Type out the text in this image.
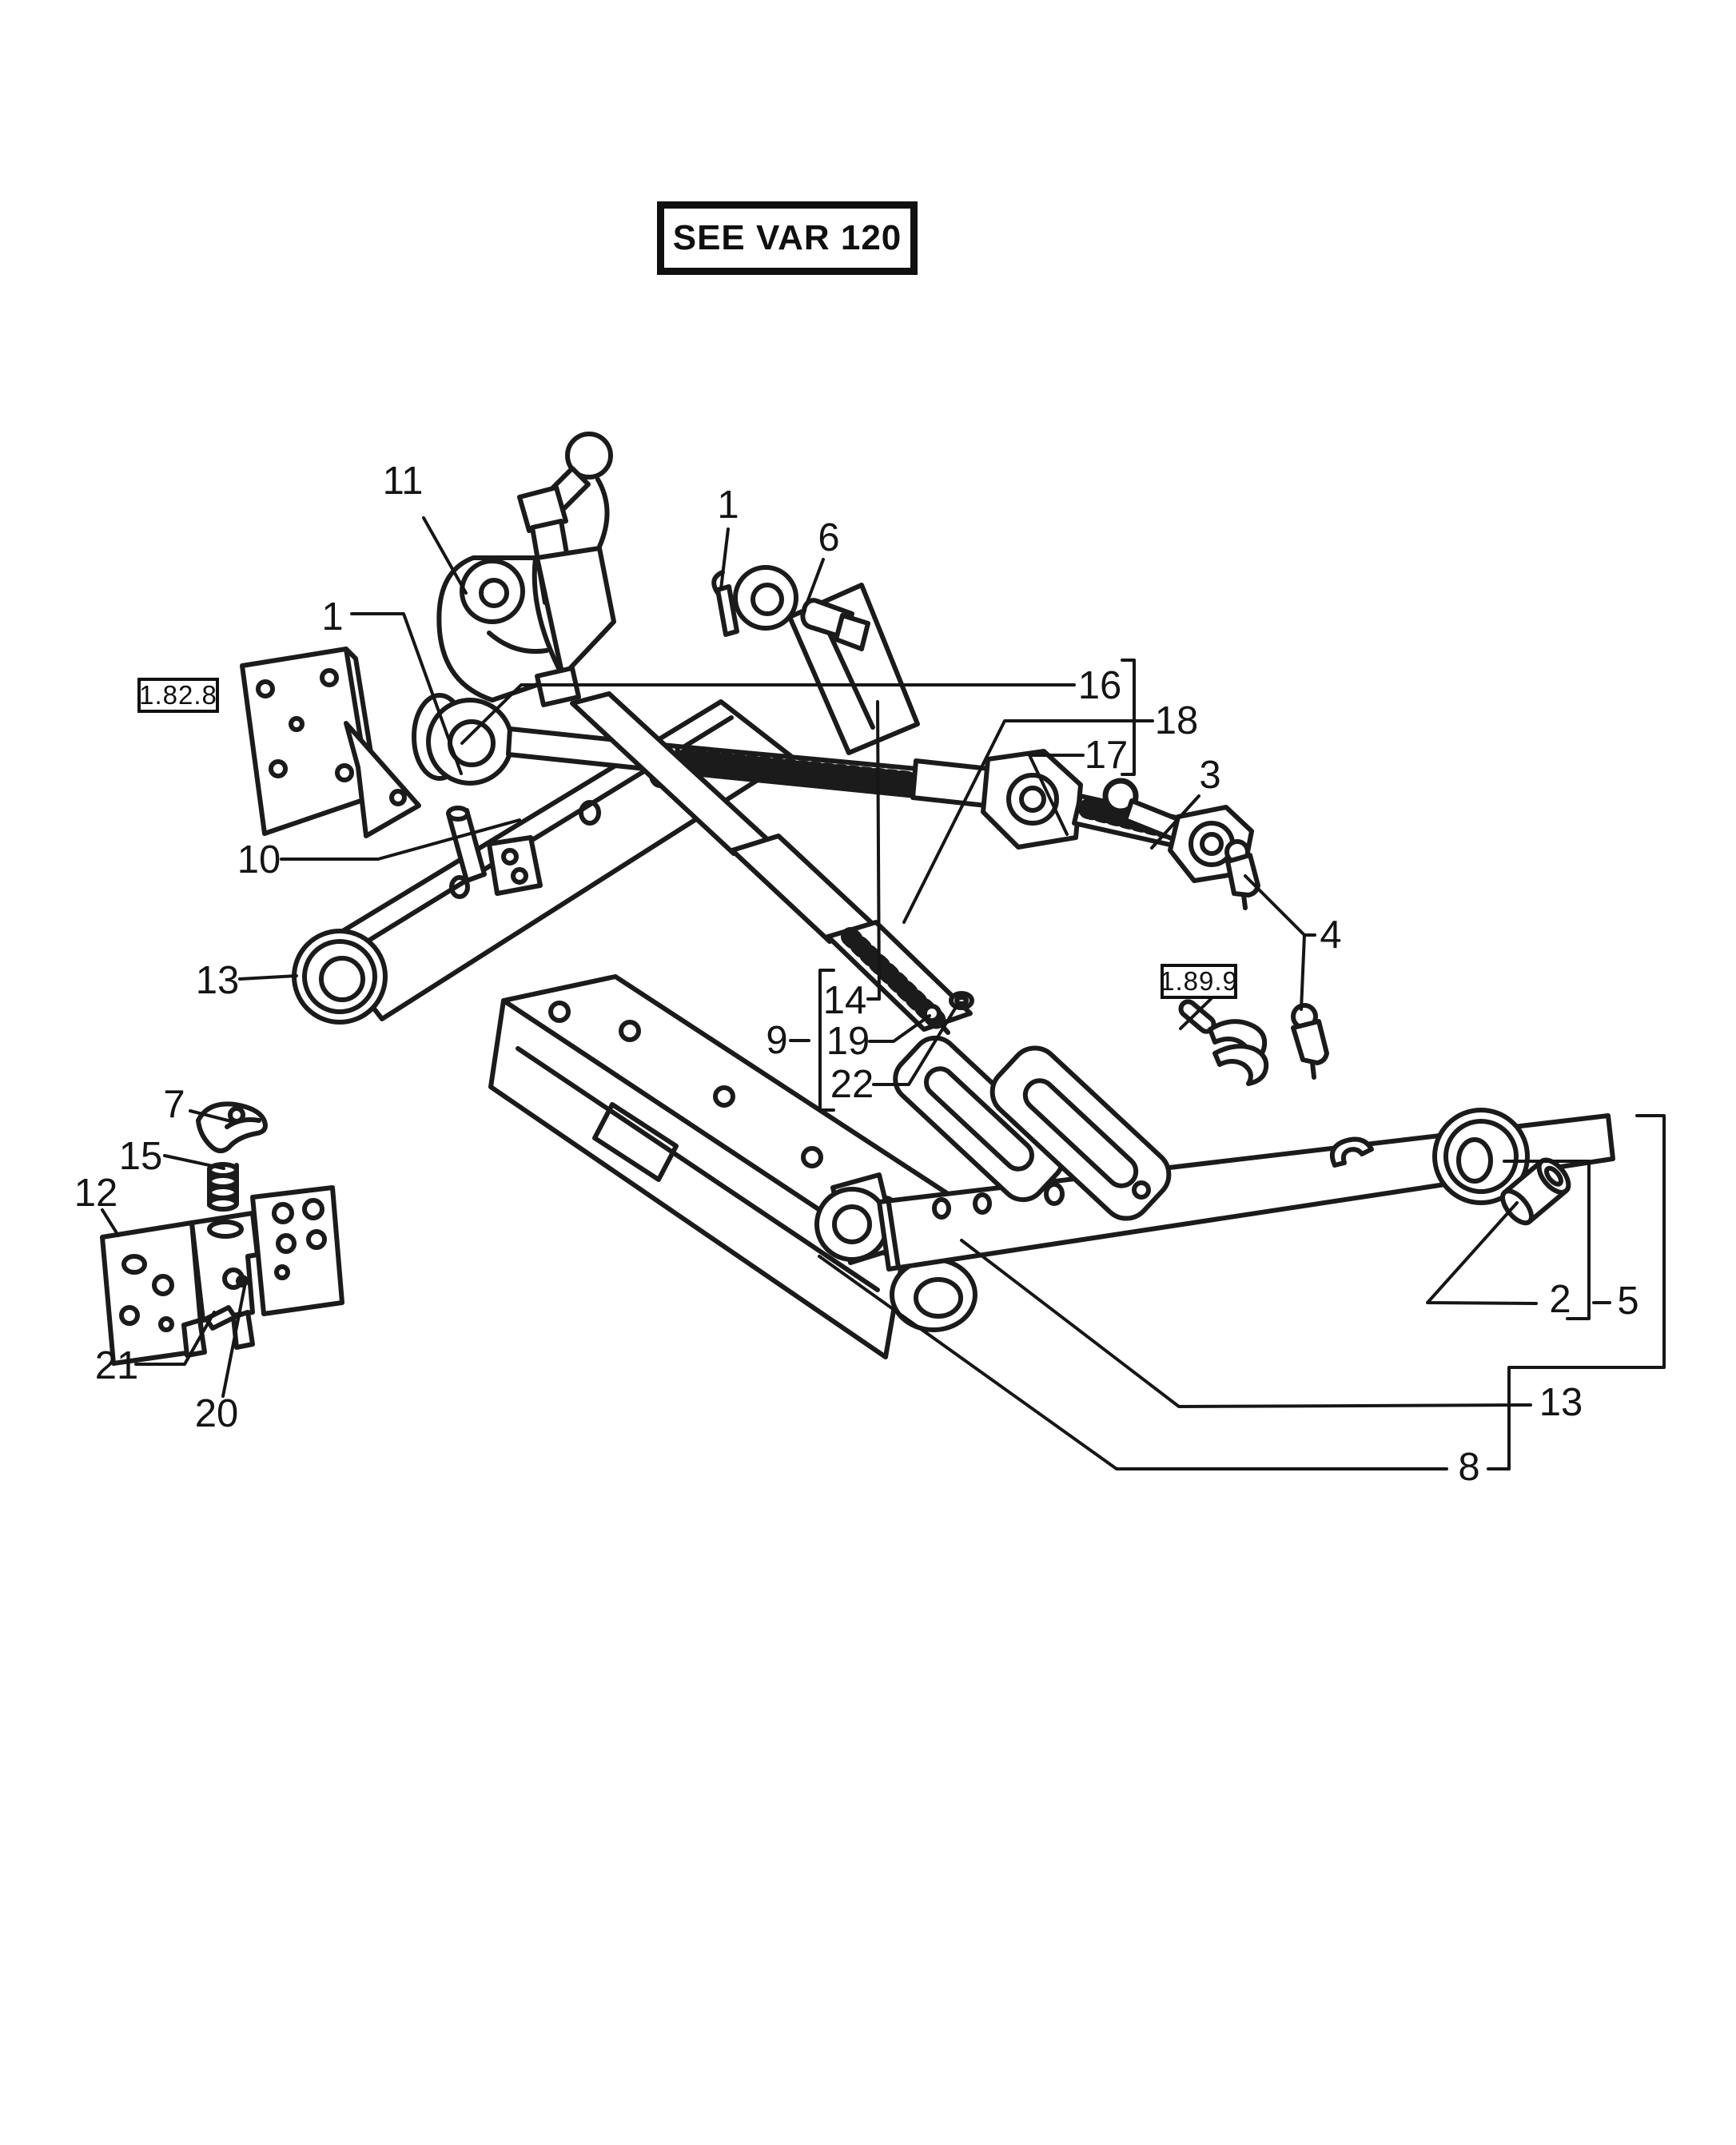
11
1
1
6
16
18
17 3
10
13
9
14
19
22
4
7
15
12
21
20
2 5
13
8
SEE VAR 120
1.82.8
1.89.9
